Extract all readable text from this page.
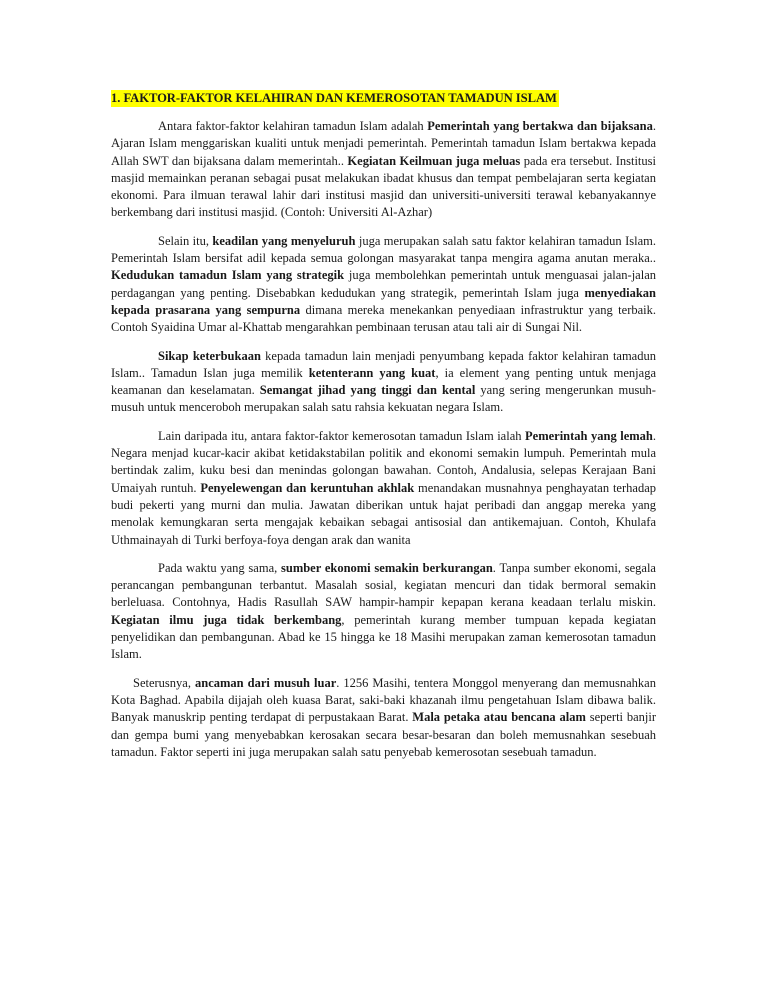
1. FAKTOR-FAKTOR KELAHIRAN DAN KEMEROSOTAN TAMADUN ISLAM

Antara faktor-faktor kelahiran tamadun Islam adalah Pemerintah yang bertakwa dan bijaksana. Ajaran Islam menggariskan kualiti untuk menjadi pemerintah. Pemerintah tamadun Islam bertakwa kepada Allah SWT dan bijaksana dalam memerintah.. Kegiatan Keilmuan juga meluas pada era tersebut. Institusi masjid memainkan peranan sebagai pusat melakukan ibadat khusus dan tempat pembelajaran serta kegiatan ekonomi. Para ilmuan terawal lahir dari institusi masjid dan universiti-universiti terawal kebanyakannye berkembang dari institusi masjid. (Contoh: Universiti Al-Azhar)

Selain itu, keadilan yang menyeluruh juga merupakan salah satu faktor kelahiran tamadun Islam. Pemerintah Islam bersifat adil kepada semua golongan masyarakat tanpa mengira agama anutan meraka.. Kedudukan tamadun Islam yang strategik juga membolehkan pemerintah untuk menguasai jalan-jalan perdagangan yang penting. Disebabkan kedudukan yang strategik, pemerintah Islam juga menyediakan kepada prasarana yang sempurna dimana mereka menekankan penyediaan infrastruktur yang terbaik. Contoh Syaidina Umar al-Khattab mengarahkan pembinaan terusan atau tali air di Sungai Nil.

Sikap keterbukaan kepada tamadun lain menjadi penyumbang kepada faktor kelahiran tamadun Islam.. Tamadun Islan juga memilik ketenterann yang kuat, ia element yang penting untuk menjaga keamanan dan keselamatan. Semangat jihad yang tinggi dan kental yang sering mengerunkan musuh-musuh untuk menceroboh merupakan salah satu rahsia kekuatan negara Islam.

Lain daripada itu, antara faktor-faktor kemerosotan tamadun Islam ialah Pemerintah yang lemah. Negara menjad kucar-kacir akibat ketidakstabilan politik and ekonomi semakin lumpuh. Pemerintah mula bertindak zalim, kuku besi dan menindas golongan bawahan. Contoh, Andalusia, selepas Kerajaan Bani Umaiyah runtuh. Penyelewengan dan keruntuhan akhlak menandakan musnahnya penghayatan terhadap budi pekerti yang murni dan mulia. Jawatan diberikan untuk hajat peribadi dan anggap mereka yang menolak kemungkaran serta mengajak kebaikan sebagai antisosial dan antikemajuan. Contoh, Khulafa Uthmainayah di Turki berfoya-foya dengan arak dan wanita

Pada waktu yang sama, sumber ekonomi semakin berkurangan. Tanpa sumber ekonomi, segala perancangan pembangunan terbantut. Masalah sosial, kegiatan mencuri dan tidak bermoral semakin berleluasa. Contohnya, Hadis Rasullah SAW hampir-hampir kepapan kerana keadaan terlalu miskin. Kegiatan ilmu juga tidak berkembang, pemerintah kurang member tumpuan kepada kegiatan penyelidikan dan pembangunan. Abad ke 15 hingga ke 18 Masihi merupakan zaman kemerosotan tamadun Islam.

Seterusnya, ancaman dari musuh luar. 1256 Masihi, tentera Monggol menyerang dan memusnahkan Kota Baghad. Apabila dijajah oleh kuasa Barat, saki-baki khazanah ilmu pengetahuan Islam dibawa balik. Banyak manuskrip penting terdapat di perpustakaan Barat. Mala petaka atau bencana alam seperti banjir dan gempa bumi yang menyebabkan kerosakan secara besar-besaran dan boleh memusnahkan sesebuah tamadun. Faktor seperti ini juga merupakan salah satu penyebab kemerosotan sesebuah tamadun.
